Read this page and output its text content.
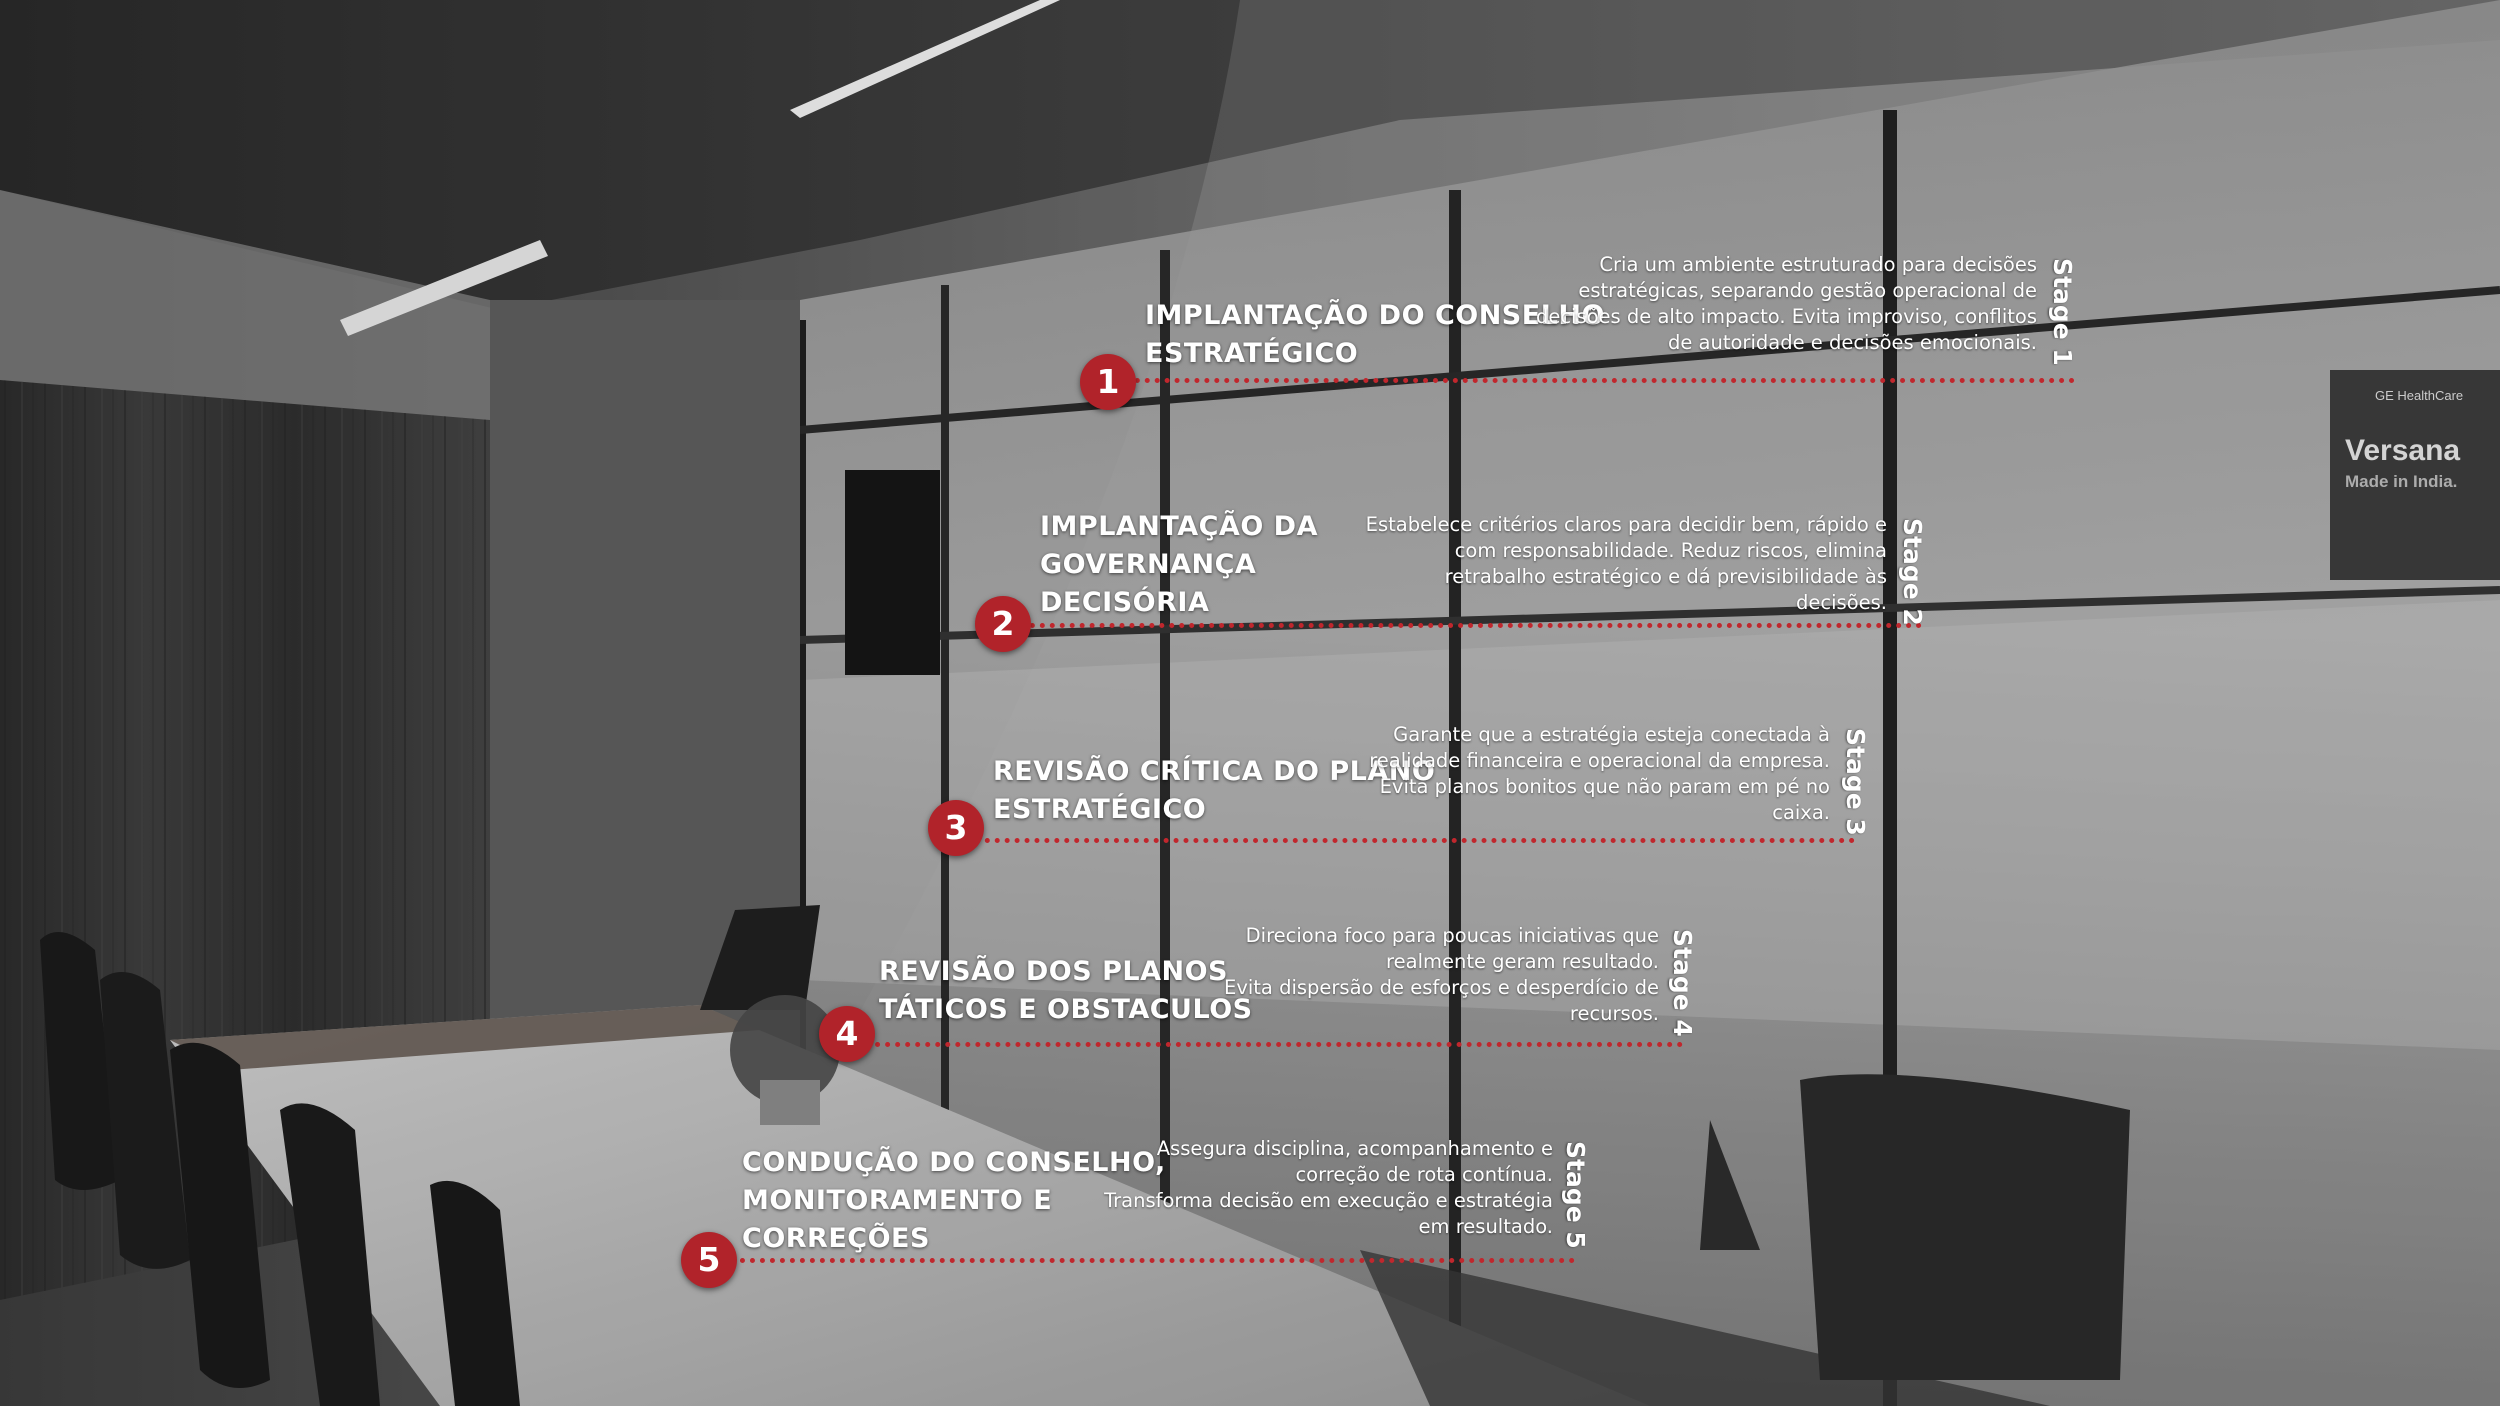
GE HealthCare
Versana
Made in India.
1
IMPLANTAÇÃO DO CONSELHO
ESTRATÉGICO
Cria um ambiente estruturado para decisões
estratégicas, separando gestão operacional de
decisões de alto impacto. Evita improviso, conflitos
de autoridade e decisões emocionais. Stage 1
2
IMPLANTAÇÃO DA
GOVERNANÇA
DECISÓRIA
Estabelece critérios claros para decidir bem, rápido e
com responsabilidade. Reduz riscos, elimina
retrabalho estratégico e dá previsibilidade às
decisões. Stage 2
3
REVISÃO CRÍTICA DO PLANO
ESTRATÉGICO
Garante que a estratégia esteja conectada à
realidade financeira e operacional da empresa.
Evita planos bonitos que não param em pé no
caixa. Stage 3
4
REVISÃO DOS PLANOS
TÁTICOS E OBSTACULOS
Direciona foco para poucas iniciativas que
realmente geram resultado.
Evita dispersão de esforços e desperdício de
recursos. Stage 4
5
CONDUÇÃO DO CONSELHO,
MONITORAMENTO E
CORREÇÕES
Assegura disciplina, acompanhamento e
correção de rota contínua.
Transforma decisão em execução e estratégia
em resultado. Stage 5
